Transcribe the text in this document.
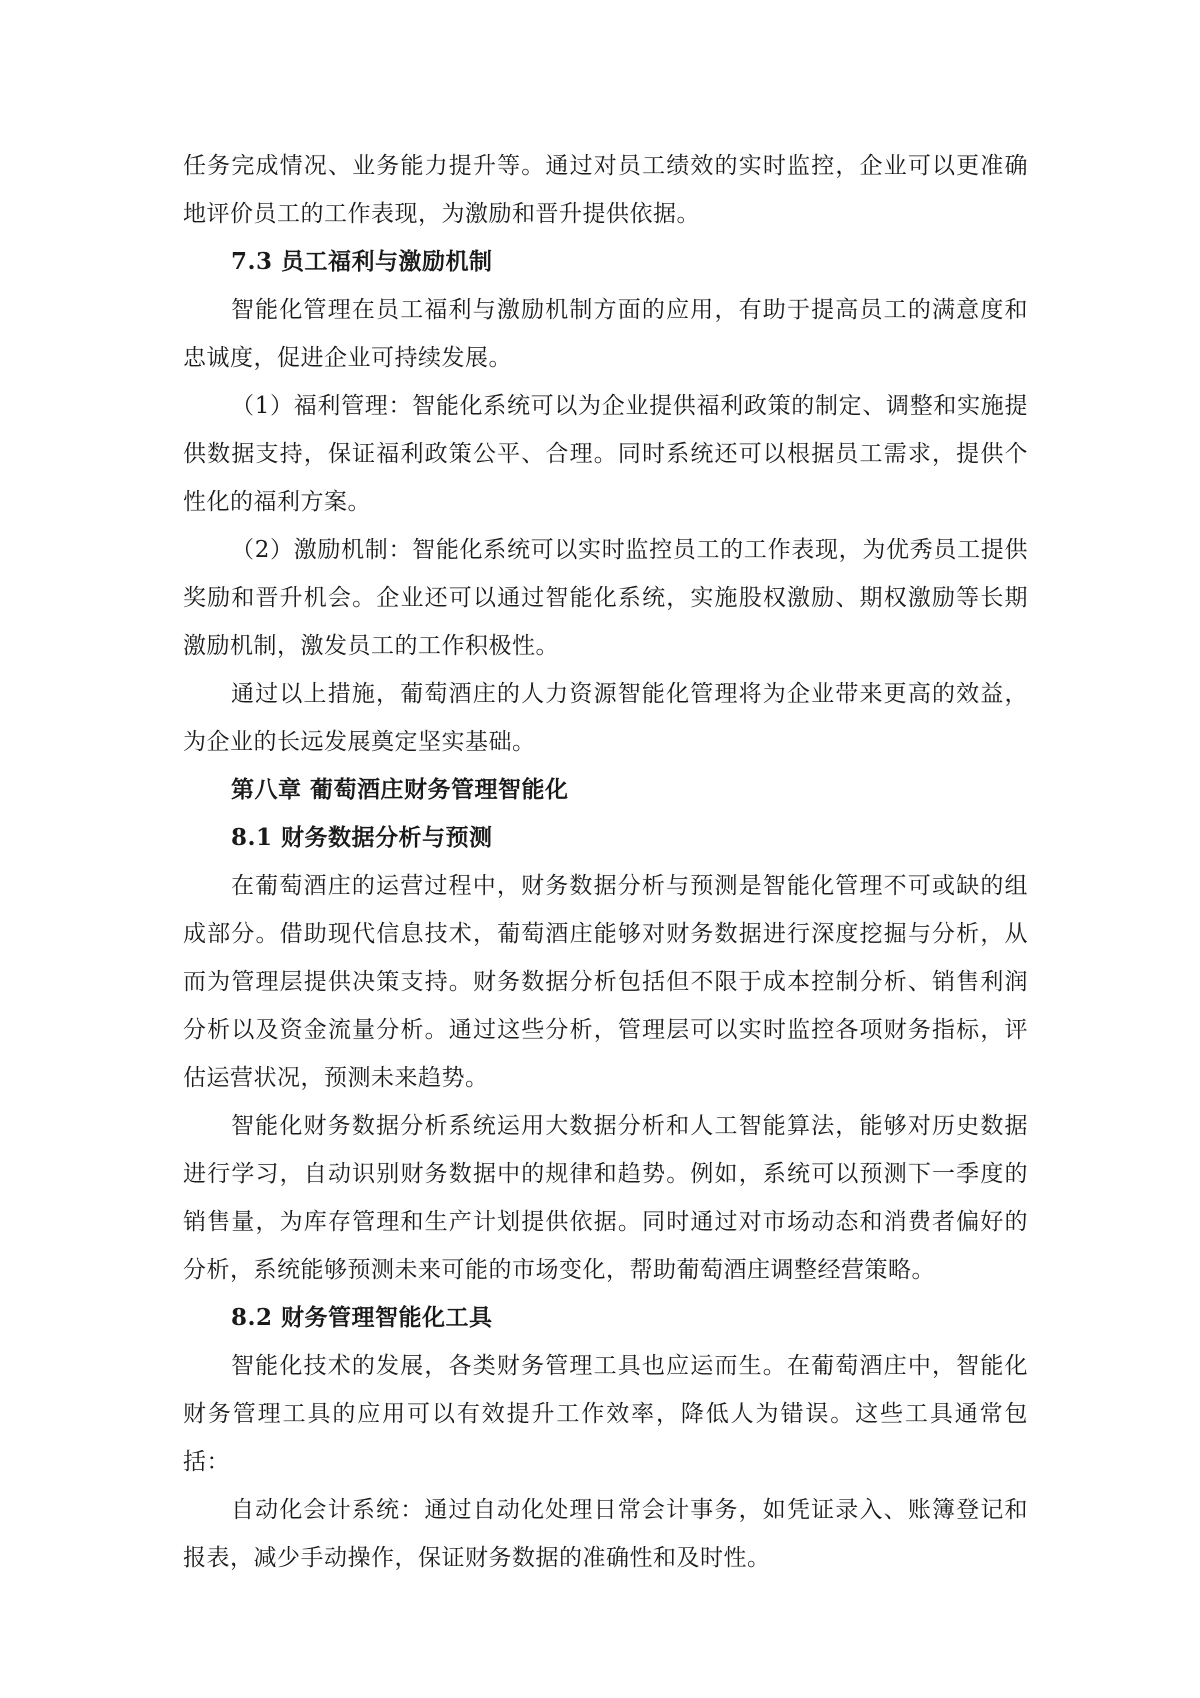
任务完成情况、业务能力提升等。通过对员工绩效的实时监控，企业可以更准确地评价员工的工作表现，为激励和晋升提供依据。

7.3 员工福利与激励机制

智能化管理在员工福利与激励机制方面的应用，有助于提高员工的满意度和忠诚度，促进企业可持续发展。

（1）福利管理：智能化系统可以为企业提供福利政策的制定、调整和实施提供数据支持，保证福利政策公平、合理。同时系统还可以根据员工需求，提供个性化的福利方案。

（2）激励机制：智能化系统可以实时监控员工的工作表现，为优秀员工提供奖励和晋升机会。企业还可以通过智能化系统，实施股权激励、期权激励等长期激励机制，激发员工的工作积极性。

通过以上措施，葡萄酒庄的人力资源智能化管理将为企业带来更高的效益，为企业的长远发展奠定坚实基础。

第八章 葡萄酒庄财务管理智能化

8.1 财务数据分析与预测

在葡萄酒庄的运营过程中，财务数据分析与预测是智能化管理不可或缺的组成部分。借助现代信息技术，葡萄酒庄能够对财务数据进行深度挖掘与分析，从而为管理层提供决策支持。财务数据分析包括但不限于成本控制分析、销售利润分析以及资金流量分析。通过这些分析，管理层可以实时监控各项财务指标，评估运营状况，预测未来趋势。

智能化财务数据分析系统运用大数据分析和人工智能算法，能够对历史数据进行学习，自动识别财务数据中的规律和趋势。例如，系统可以预测下一季度的销售量，为库存管理和生产计划提供依据。同时通过对市场动态和消费者偏好的分析，系统能够预测未来可能的市场变化，帮助葡萄酒庄调整经营策略。

8.2 财务管理智能化工具

智能化技术的发展，各类财务管理工具也应运而生。在葡萄酒庄中，智能化财务管理工具的应用可以有效提升工作效率，降低人为错误。这些工具通常包括：

自动化会计系统：通过自动化处理日常会计事务，如凭证录入、账簿登记和报表，减少手动操作，保证财务数据的准确性和及时性。
